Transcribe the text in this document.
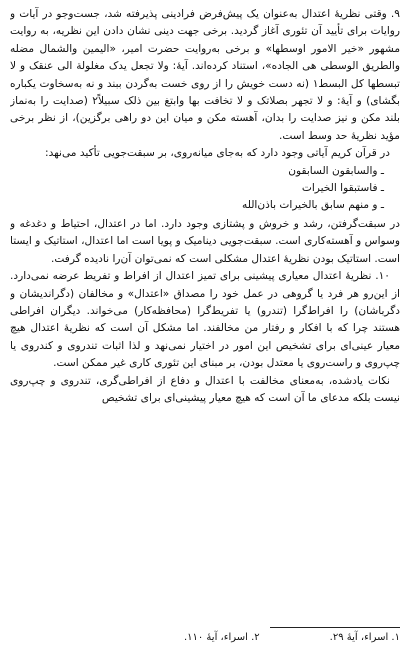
۹. وقتی نظریهٔ اعتدال به‌عنوان یک پیش‌فرض فرادینی پذیرفته شد، جست‌وجو در آیات و روایات برای تأیید آن تئوری آغاز گردید. برخی جهت دینی نشان دادن این نظریه، به روایت مشهور «خیر الامور اوسطها» و برخی به‌روایت حضرت امیر، «الیمین والشمال مضله والطریق الوسطی هی الجاده»، استناد کرده‌اند. آیهٔ: ولا تجعل یدک مغلولة الی عنقک و لا تبسطها کل البسط۱ (نه دست خویش را از روی خست به‌گردن ببند و نه به‌سخاوت یکباره بگشای) و آیهٔ: و لا تجهر بصلاتک و لا تخافت بها وابتغ بین ذلک سبیلاً۲ (صدایت را به‌نماز بلند مکن و نیز صدایت را بدان، آهسته مکن و میان این دو راهی برگزین)، از نظر برخی مؤید نظریهٔ حد وسط است.

در قرآن کریم آیاتی وجود دارد که به‌جای میانه‌روی، بر سبقت‌جویی تأکید می‌نهد:

ـ والسابقون السابقون

ـ فاستبقوا الخیرات

ـ و منهم سابق بالخیرات باذن‌الله

در سبقت‌گرفتن، رشد و خروش و پشتازی وجود دارد. اما در اعتدال، احتیاط و دغدغه و وسواس و آهسته‌کاری است. سبقت‌جویی دینامیک و پویا است اما اعتدال، استاتیک و ایستا است. استاتیک بودن نظریهٔ اعتدال مشکلی است که نمی‌توان آن‌را نادیده گرفت.

۱۰. نظریهٔ اعتدال معیاری پیشینی برای تمیز اعتدال از افراط و تفریط عرضه نمی‌دارد. از این‌رو هر فرد یا گروهی در عمل خود را مصداق «اعتدال» و مخالفان (دگراندیشان و دگرباشان) را افراط‌گرا (تندرو) یا تفریط‌گرا (محافظه‌کار) می‌خواند. دیگران افراطی هستند چرا که با افکار و رفتار من مخالفند. اما مشکل آن است که نظریهٔ اعتدال هیچ معیار عینی‌ای برای تشخیص این امور در اختیار نمی‌نهد و لذا اثبات تندروی و کندروی یا چپ‌روی و راست‌روی یا معتدل بودن، بر مبنای این تئوری کاری غیر ممکن است.

نکات یادشده، به‌معنای مخالفت با اعتدال و دفاع از افراطی‌گری، تندروی و چپ‌روی نیست بلکه مدعای ما آن است که هیچ معیار پیشینی‌ای برای تشخیص

۱. اسراء، آیهٔ ۲۹.
۲. اسراء، آیهٔ ۱۱۰.
